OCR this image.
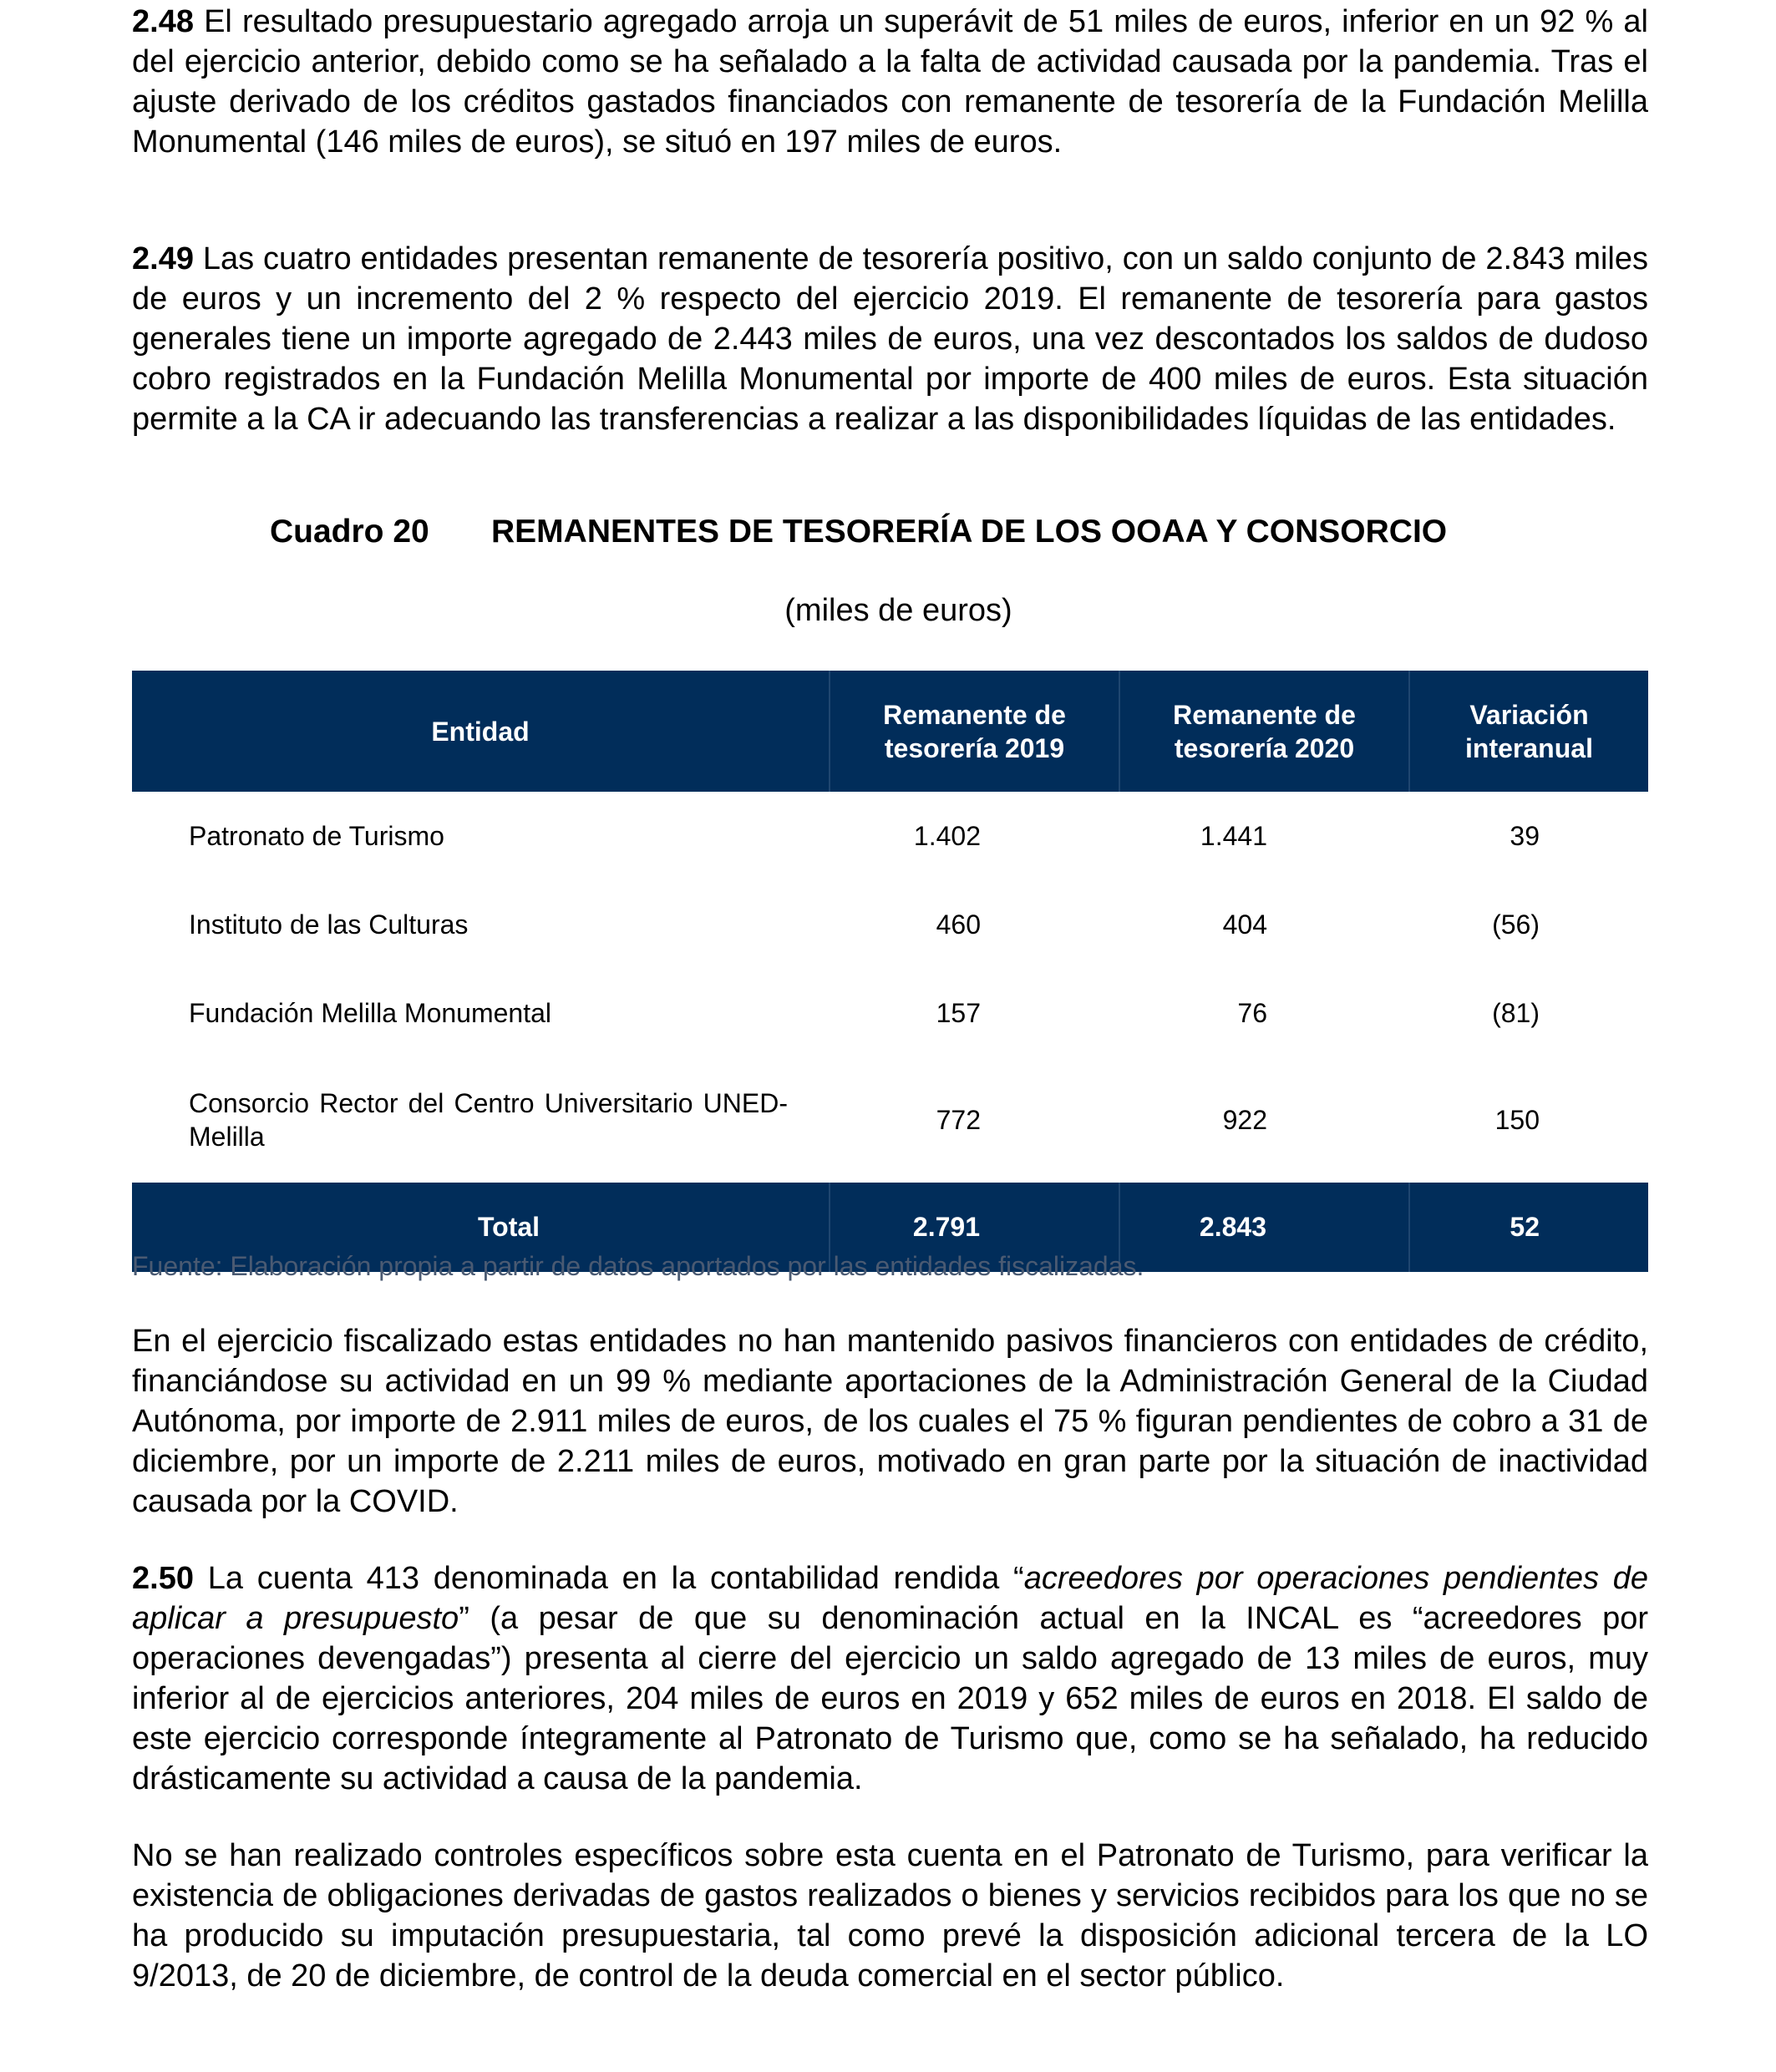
2.48 El resultado presupuestario agregado arroja un superávit de 51 miles de euros, inferior en un 92 % al del ejercicio anterior, debido como se ha señalado a la falta de actividad causada por la pandemia. Tras el ajuste derivado de los créditos gastados financiados con remanente de tesorería de la Fundación Melilla Monumental (146 miles de euros), se situó en 197 miles de euros.

2.49 Las cuatro entidades presentan remanente de tesorería positivo, con un saldo conjunto de 2.843 miles de euros y un incremento del 2 % respecto del ejercicio 2019. El remanente de tesorería para gastos generales tiene un importe agregado de 2.443 miles de euros, una vez descontados los saldos de dudoso cobro registrados en la Fundación Melilla Monumental por importe de 400 miles de euros. Esta situación permite a la CA ir adecuando las transferencias a realizar a las disponibilidades líquidas de las entidades.

Cuadro 20 REMANENTES DE TESORERÍA DE LOS OOAA Y CONSORCIO
(miles de euros)
Entidad	Remanente de tesorería 2019	Remanente de tesorería 2020	Variación interanual
Patronato de Turismo	1.402	1.441	39
Instituto de las Culturas	460	404	(56)
Fundación Melilla Monumental	157	76	(81)
Consorcio Rector del Centro Universitario UNED-Melilla	772	922	150
Total	2.791	2.843	52
Fuente: Elaboración propia a partir de datos aportados por las entidades fiscalizadas.

En el ejercicio fiscalizado estas entidades no han mantenido pasivos financieros con entidades de crédito, financiándose su actividad en un 99 % mediante aportaciones de la Administración General de la Ciudad Autónoma, por importe de 2.911 miles de euros, de los cuales el 75 % figuran pendientes de cobro a 31 de diciembre, por un importe de 2.211 miles de euros, motivado en gran parte por la situación de inactividad causada por la COVID.

2.50 La cuenta 413 denominada en la contabilidad rendida “acreedores por operaciones pendientes de aplicar a presupuesto” (a pesar de que su denominación actual en la INCAL es “acreedores por operaciones devengadas”) presenta al cierre del ejercicio un saldo agregado de 13 miles de euros, muy inferior al de ejercicios anteriores, 204 miles de euros en 2019 y 652 miles de euros en 2018. El saldo de este ejercicio corresponde íntegramente al Patronato de Turismo que, como se ha señalado, ha reducido drásticamente su actividad a causa de la pandemia.

No se han realizado controles específicos sobre esta cuenta en el Patronato de Turismo, para verificar la existencia de obligaciones derivadas de gastos realizados o bienes y servicios recibidos para los que no se ha producido su imputación presupuestaria, tal como prevé la disposición adicional tercera de la LO 9/2013, de 20 de diciembre, de control de la deuda comercial en el sector público.
